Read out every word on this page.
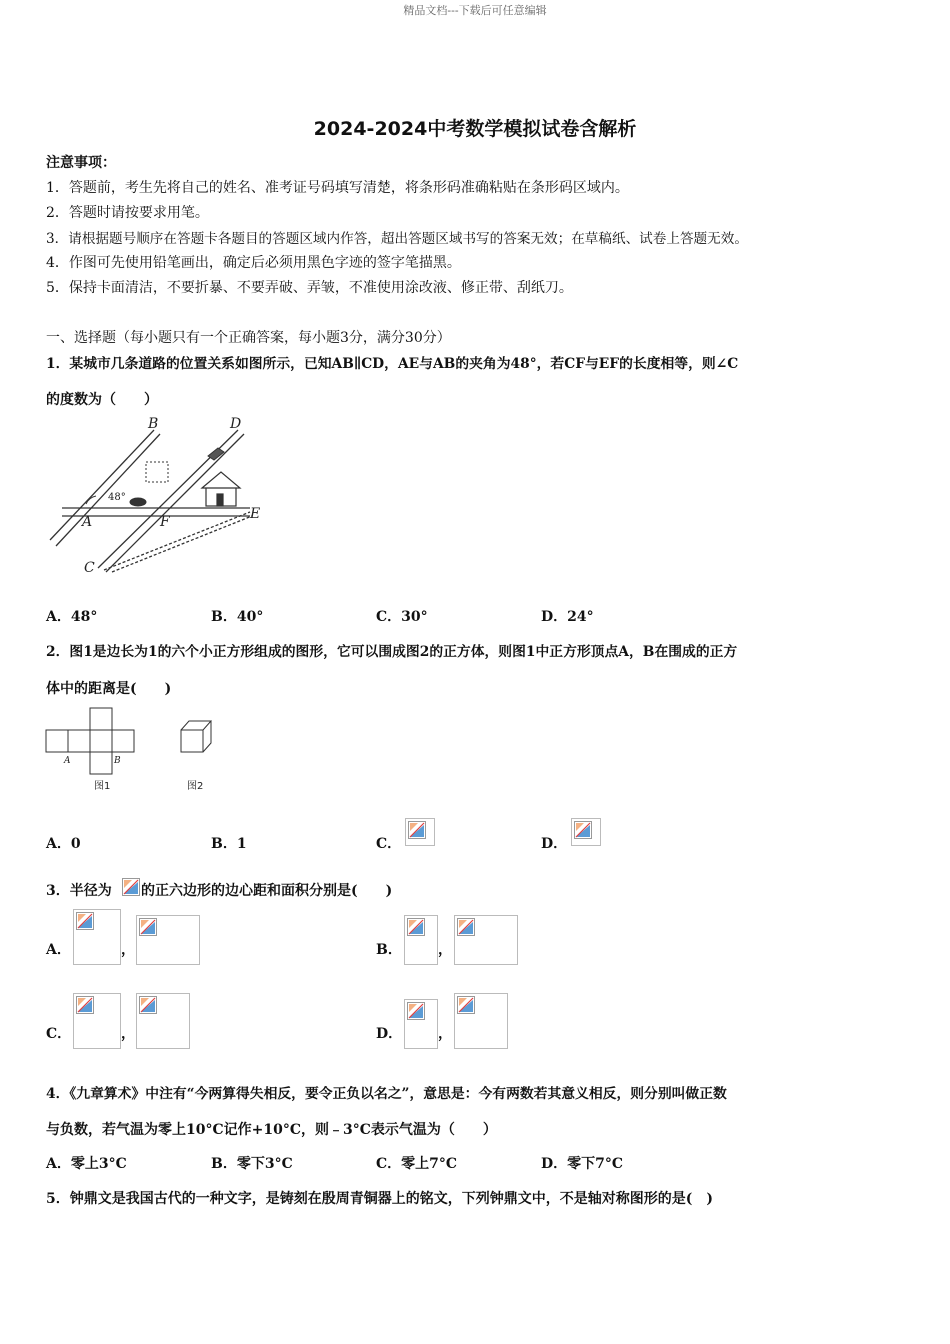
精品文档---下载后可任意编辑
2024-2024中考数学模拟试卷含解析
注意事项：
1．答题前，考生先将自己的姓名、准考证号码填写清楚，将条形码准确粘贴在条形码区域内。
2．答题时请按要求用笔。
3．请根据题号顺序在答题卡各题目的答题区域内作答，超出答题区域书写的答案无效；在草稿纸、试卷上答题无效。
4．作图可先使用铅笔画出，确定后必须用黑色字迹的签字笔描黑。
5．保持卡面清洁，不要折暴、不要弄破、弄皱，不准使用涂改液、修正带、刮纸刀。
一、选择题（每小题只有一个正确答案，每小题3分，满分30分）
1．某城市几条道路的位置关系如图所示，已知AB∥CD，AE与AB的夹角为48°，若CF与EF的长度相等，则∠C
的度数为（　　）
B	D
48°
A	F	E
C
A．48°	B．40°	C．30°	D．24°
2．图1是边长为1的六个小正方形组成的图形，它可以围成图2的正方体，则图1中正方形顶点A，B在围成的正方
体中的距离是(　　)
A	B
图1	图2
A．0	B．1	C．	D．
3．半径为 的正六边形的边心距和面积分别是(　　)
A．	，	B．	，
C．	，	D．	，
4．《九章算术》中注有“今两算得失相反，要令正负以名之”，意思是：今有两数若其意义相反，则分别叫做正数
与负数，若气温为零上10°C记作+10°C，则﹣3°C表示气温为（　　）
A．零上3°C	B．零下3°C	C．零上7°C	D．零下7°C
5．钟鼎文是我国古代的一种文字，是铸刻在殷周青铜器上的铭文，下列钟鼎文中，不是轴对称图形的是(　)
